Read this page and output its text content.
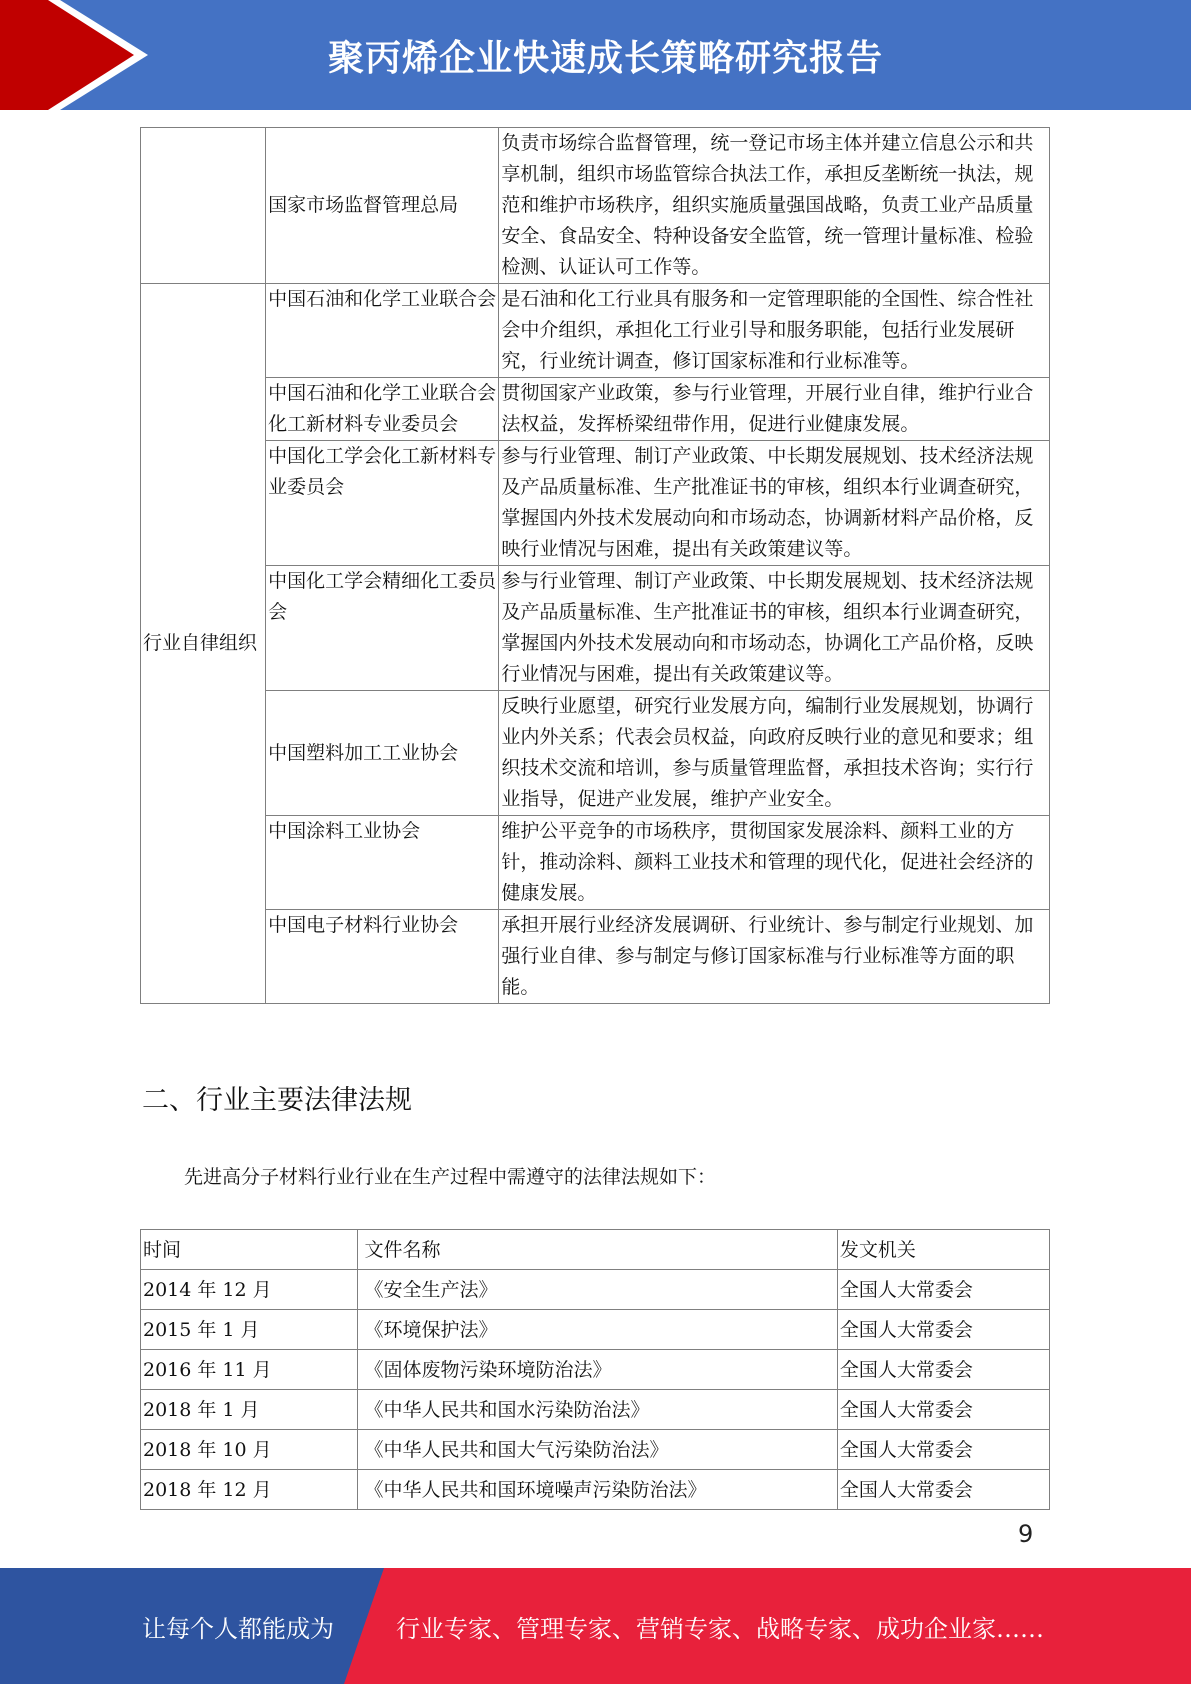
聚丙烯企业快速成长策略研究报告
	国家市场监督管理总局	负责市场综合监督管理，统一登记市场主体并建立信息公示和共享机制，组织市场监管综合执法工作，承担反垄断统一执法，规范和维护市场秩序，组织实施质量强国战略，负责工业产品质量安全、食品安全、特种设备安全监管，统一管理计量标准、检验检测、认证认可工作等。
行业自律组织	中国石油和化学工业联合会	是石油和化工行业具有服务和一定管理职能的全国性、综合性社会中介组织，承担化工行业引导和服务职能，包括行业发展研究，行业统计调查，修订国家标准和行业标准等。
	中国石油和化学工业联合会化工新材料专业委员会	贯彻国家产业政策，参与行业管理，开展行业自律，维护行业合法权益，发挥桥梁纽带作用，促进行业健康发展。
	中国化工学会化工新材料专业委员会	参与行业管理、制订产业政策、中长期发展规划、技术经济法规及产品质量标准、生产批准证书的审核，组织本行业调查研究，掌握国内外技术发展动向和市场动态，协调新材料产品价格，反映行业情况与困难，提出有关政策建议等。
	中国化工学会精细化工委员会	参与行业管理、制订产业政策、中长期发展规划、技术经济法规及产品质量标准、生产批准证书的审核，组织本行业调查研究，掌握国内外技术发展动向和市场动态，协调化工产品价格，反映行业情况与困难，提出有关政策建议等。
	中国塑料加工工业协会	反映行业愿望，研究行业发展方向，编制行业发展规划，协调行业内外关系；代表会员权益，向政府反映行业的意见和要求；组织技术交流和培训，参与质量管理监督，承担技术咨询；实行行业指导，促进产业发展，维护产业安全。
	中国涂料工业协会	维护公平竞争的市场秩序，贯彻国家发展涂料、颜料工业的方针，推动涂料、颜料工业技术和管理的现代化，促进社会经济的健康发展。
	中国电子材料行业协会	承担开展行业经济发展调研、行业统计、参与制定行业规划、加强行业自律、参与制定与修订国家标准与行业标准等方面的职能。
二、行业主要法律法规
先进高分子材料行业行业在生产过程中需遵守的法律法规如下：
时间	文件名称	发文机关
2014 年 12 月	《安全生产法》	全国人大常委会
2015 年 1 月	《环境保护法》	全国人大常委会
2016 年 11 月	《固体废物污染环境防治法》	全国人大常委会
2018 年 1 月	《中华人民共和国水污染防治法》	全国人大常委会
2018 年 10 月	《中华人民共和国大气污染防治法》	全国人大常委会
2018 年 12 月	《中华人民共和国环境噪声污染防治法》	全国人大常委会
9
让每个人都能成为	行业专家、管理专家、营销专家、战略专家、成功企业家……
